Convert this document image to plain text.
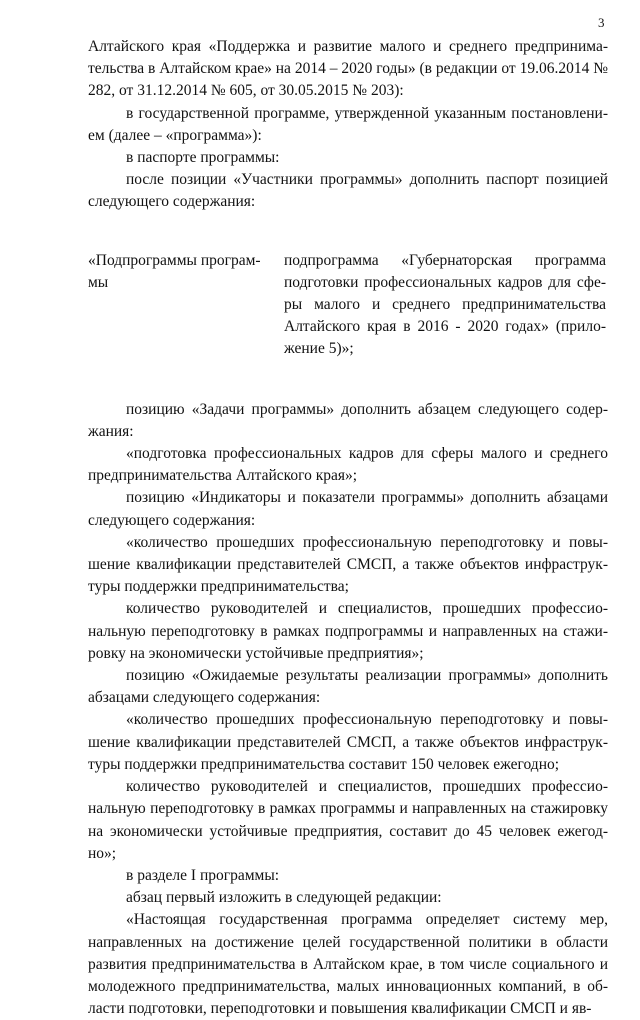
3

Алтайского края «Поддержка и развитие малого и среднего предпринима-тельства в Алтайском крае» на 2014 – 2020 годы» (в редакции от 19.06.2014 № 282, от 31.12.2014 № 605, от 30.05.2015 № 203):

в государственной программе, утвержденной указанным постановлени-ем (далее – «программа»):

в паспорте программы:

после позиции «Участники программы» дополнить паспорт позицией следующего содержания:

«Подпрограммы програм-мы

подпрограмма «Губернаторская программа подготовки профессиональных кадров для сфе-ры малого и среднего предпринимательства Алтайского края в 2016 - 2020 годах» (прило-жение 5)»;

позицию «Задачи программы» дополнить абзацем следующего содер-жания:

«подготовка профессиональных кадров для сферы малого и среднего предпринимательства Алтайского края»;

позицию «Индикаторы и показатели программы» дополнить абзацами следующего содержания:

«количество прошедших профессиональную переподготовку и повы-шение квалификации представителей СМСП, а также объектов инфраструк-туры поддержки предпринимательства;

количество руководителей и специалистов, прошедших профессио-нальную переподготовку в рамках подпрограммы и направленных на стажи-ровку на экономически устойчивые предприятия»;

позицию «Ожидаемые результаты реализации программы» дополнить абзацами следующего содержания:

«количество прошедших профессиональную переподготовку и повы-шение квалификации представителей СМСП, а также объектов инфраструк-туры поддержки предпринимательства составит 150 человек ежегодно;

количество руководителей и специалистов, прошедших профессио-нальную переподготовку в рамках программы и направленных на стажировку на экономически устойчивые предприятия, составит до 45 человек ежегод-но»;

в разделе I программы:

абзац первый изложить в следующей редакции:

«Настоящая государственная программа определяет систему мер, направленных на достижение целей государственной политики в области развития предпринимательства в Алтайском крае, в том числе социального и молодежного предпринимательства, малых инновационных компаний, в об-ласти подготовки, переподготовки и повышения квалификации СМСП и яв-
